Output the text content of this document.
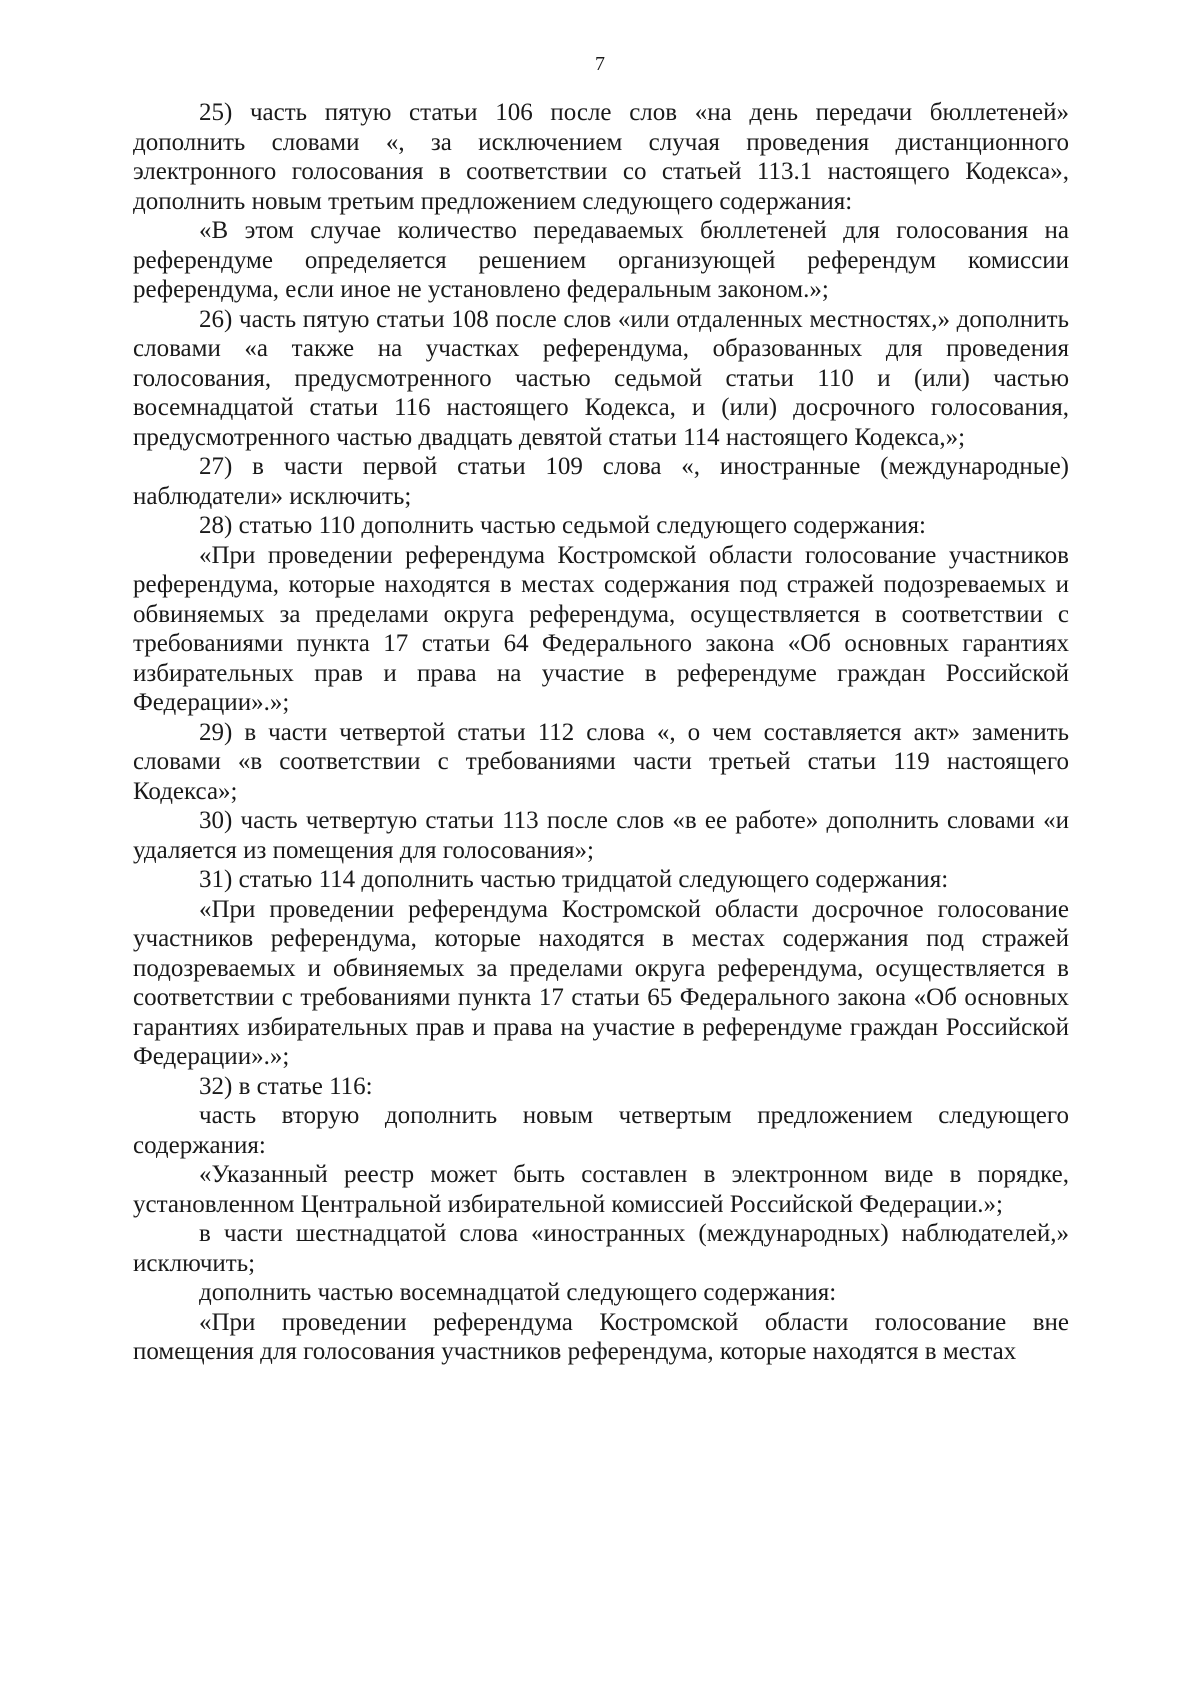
7

25) часть пятую статьи 106 после слов «на день передачи бюллетеней» дополнить словами «, за исключением случая проведения дистанционного электронного голосования в соответствии со статьей 113.1 настоящего Кодекса», дополнить новым третьим предложением следующего содержания:

«В этом случае количество передаваемых бюллетеней для голосования на референдуме определяется решением организующей референдум комиссии референдума, если иное не установлено федеральным законом.»;

26) часть пятую статьи 108 после слов «или отдаленных местностях,» дополнить словами «а также на участках референдума, образованных для проведения голосования, предусмотренного частью седьмой статьи 110 и (или) частью восемнадцатой статьи 116 настоящего Кодекса, и (или) досрочного голосования, предусмотренного частью двадцать девятой статьи 114 настоящего Кодекса,»;

27) в части первой статьи 109 слова «, иностранные (международные) наблюдатели» исключить;

28) статью 110 дополнить частью седьмой следующего содержания:

«При проведении референдума Костромской области голосование участников референдума, которые находятся в местах содержания под стражей подозреваемых и обвиняемых за пределами округа референдума, осуществляется в соответствии с требованиями пункта 17 статьи 64 Федерального закона «Об основных гарантиях избирательных прав и права на участие в референдуме граждан Российской Федерации».»;

29) в части четвертой статьи 112 слова «, о чем составляется акт» заменить словами «в соответствии с требованиями части третьей статьи 119 настоящего Кодекса»;

30) часть четвертую статьи 113 после слов «в ее работе» дополнить словами «и удаляется из помещения для голосования»;

31) статью 114 дополнить частью тридцатой следующего содержания:

«При проведении референдума Костромской области досрочное голосование участников референдума, которые находятся в местах содержания под стражей подозреваемых и обвиняемых за пределами округа референдума, осуществляется в соответствии с требованиями пункта 17 статьи 65 Федерального закона «Об основных гарантиях избирательных прав и права на участие в референдуме граждан Российской Федерации».»;

32) в статье 116:

часть вторую дополнить новым четвертым предложением следующего содержания:

«Указанный реестр может быть составлен в электронном виде в порядке, установленном Центральной избирательной комиссией Российской Федерации.»;

в части шестнадцатой слова «иностранных (международных) наблюдателей,» исключить;

дополнить частью восемнадцатой следующего содержания:

«При проведении референдума Костромской области голосование вне помещения для голосования участников референдума, которые находятся в местах
